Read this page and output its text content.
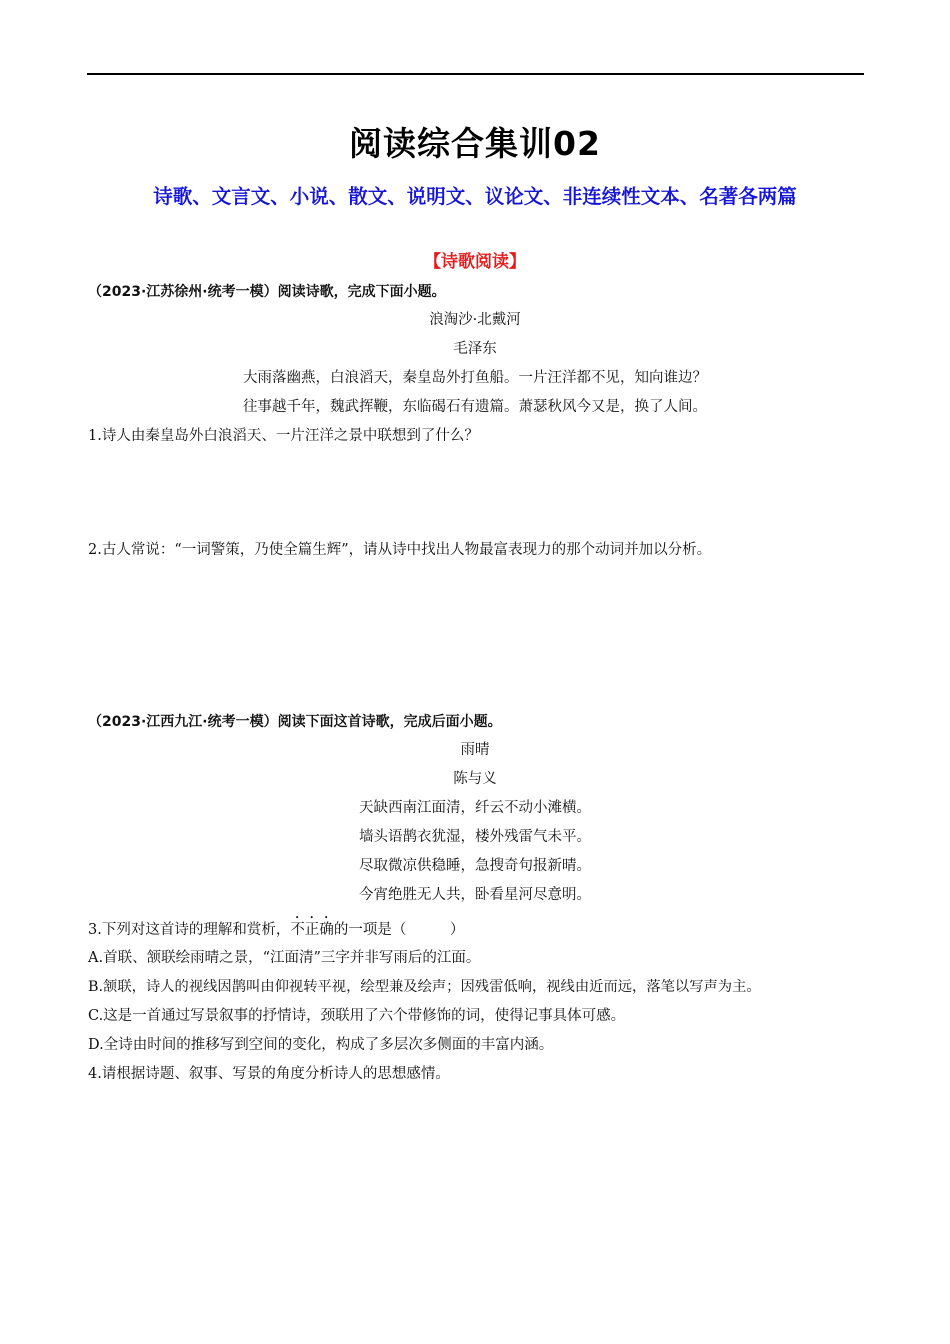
阅读综合集训02
诗歌、文言文、小说、散文、说明文、议论文、非连续性文本、名著各两篇
【诗歌阅读】
（2023·江苏徐州·统考一模）阅读诗歌，完成下面小题。
浪淘沙·北戴河
毛泽东
大雨落幽燕，白浪滔天，秦皇岛外打鱼船。一片汪洋都不见，知向谁边？
往事越千年，魏武挥鞭，东临碣石有遗篇。萧瑟秋风今又是，换了人间。
1.诗人由秦皇岛外白浪滔天、一片汪洋之景中联想到了什么？
2.古人常说：“一词警策，乃使全篇生辉”，请从诗中找出人物最富表现力的那个动词并加以分析。
（2023·江西九江·统考一模）阅读下面这首诗歌，完成后面小题。
雨晴
陈与义
天缺西南江面清，纤云不动小滩横。
墙头语鹊衣犹湿，楼外残雷气未平。
尽取微凉供稳睡，急搜奇句报新晴。
今宵绝胜无人共，卧看星河尽意明。
3.下列对这首诗的理解和赏析，不正确的一项是（　　　）
A.首联、颔联绘雨晴之景，“江面清”三字并非写雨后的江面。
B.颔联，诗人的视线因鹊叫由仰视转平视，绘型兼及绘声；因残雷低响，视线由近而远，落笔以写声为主。
C.这是一首通过写景叙事的抒情诗，颈联用了六个带修饰的词，使得记事具体可感。
D.全诗由时间的推移写到空间的变化，构成了多层次多侧面的丰富内涵。
4.请根据诗题、叙事、写景的角度分析诗人的思想感情。
